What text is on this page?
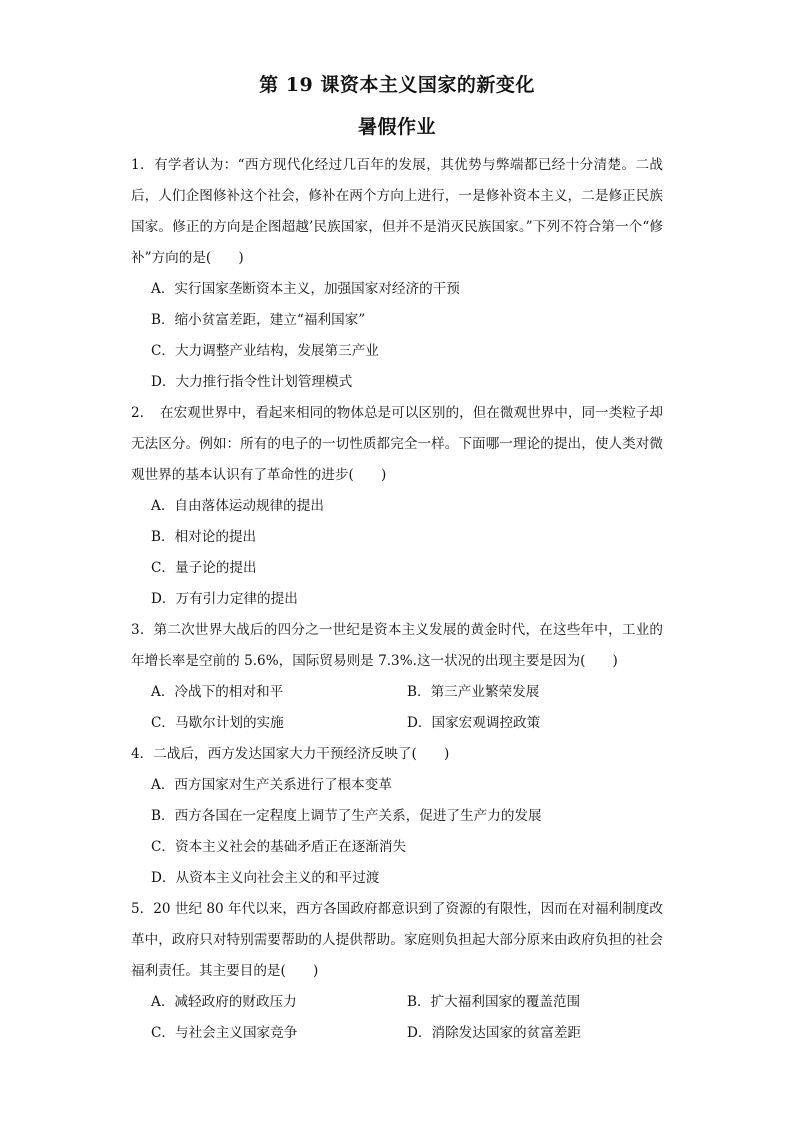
第 19 课资本主义国家的新变化
暑假作业

1．有学者认为：“西方现代化经过几百年的发展，其优势与弊端都已经十分清楚。二战后，人们企图修补这个社会，修补在两个方向上进行，一是修补资本主义，二是修正民族国家。修正的方向是企图超越’民族国家，但并不是消灭民族国家。”下列不符合第一个“修补”方向的是(　　)

A．实行国家垄断资本主义，加强国家对经济的干预

B．缩小贫富差距，建立“福利国家”

C．大力调整产业结构，发展第三产业

D．大力推行指令性计划管理模式

2．　在宏观世界中，看起来相同的物体总是可以区别的，但在微观世界中，同一类粒子却无法区分。例如：所有的电子的一切性质都完全一样。下面哪一理论的提出，使人类对微观世界的基本认识有了革命性的进步(　　)

A．自由落体运动规律的提出

B．相对论的提出

C．量子论的提出

D．万有引力定律的提出

3．第二次世界大战后的四分之一世纪是资本主义发展的黄金时代，在这些年中，工业的年增长率是空前的 5.6%，国际贸易则是 7.3%.这一状况的出现主要是因为(　　)

A．冷战下的相对和平	B．第三产业繁荣发展
C．马歇尔计划的实施	D．国家宏观调控政策

4．二战后，西方发达国家大力干预经济反映了(　　)

A．西方国家对生产关系进行了根本变革

B．西方各国在一定程度上调节了生产关系，促进了生产力的发展

C．资本主义社会的基础矛盾正在逐渐消失

D．从资本主义向社会主义的和平过渡

5．20 世纪 80 年代以来，西方各国政府都意识到了资源的有限性，因而在对福利制度改革中，政府只对特别需要帮助的人提供帮助。家庭则负担起大部分原来由政府负担的社会福利责任。其主要目的是(　　)

A．减轻政府的财政压力	B．扩大福利国家的覆盖范围
C．与社会主义国家竞争	D．消除发达国家的贫富差距
